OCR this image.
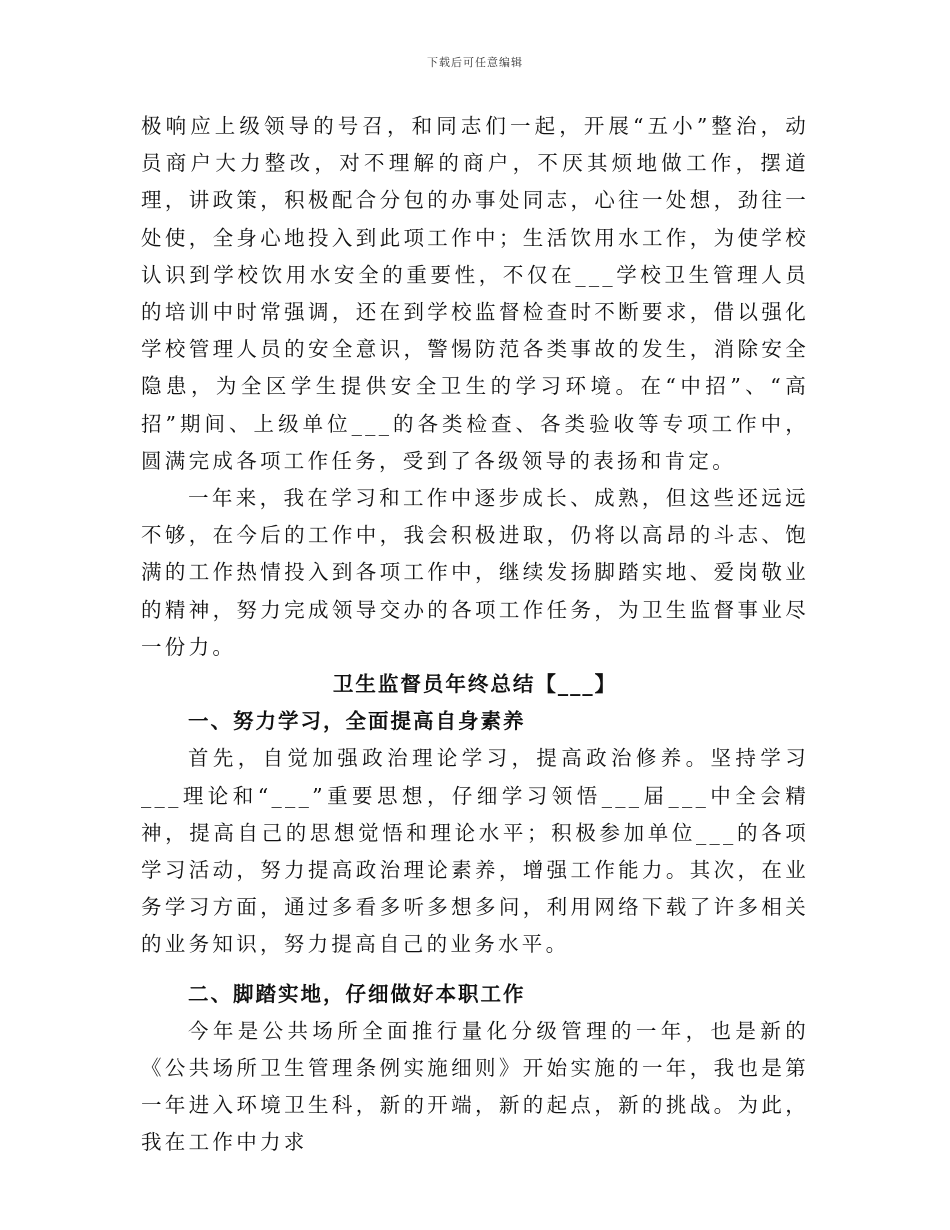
下载后可任意编辑

极响应上级领导的号召，和同志们一起，开展“五小”整治，动员商户大力整改，对不理解的商户，不厌其烦地做工作，摆道理，讲政策，积极配合分包的办事处同志，心往一处想，劲往一处使，全身心地投入到此项工作中；生活饮用水工作，为使学校认识到学校饮用水安全的重要性，不仅在___学校卫生管理人员的培训中时常强调，还在到学校监督检查时不断要求，借以强化学校管理人员的安全意识，警惕防范各类事故的发生，消除安全隐患，为全区学生提供安全卫生的学习环境。在“中招”、“高招”期间、上级单位___的各类检查、各类验收等专项工作中，圆满完成各项工作任务，受到了各级领导的表扬和肯定。

一年来，我在学习和工作中逐步成长、成熟，但这些还远远不够，在今后的工作中，我会积极进取，仍将以高昂的斗志、饱满的工作热情投入到各项工作中，继续发扬脚踏实地、爱岗敬业的精神，努力完成领导交办的各项工作任务，为卫生监督事业尽一份力。

卫生监督员年终总结【___】
一、努力学习，全面提高自身素养

首先，自觉加强政治理论学习，提高政治修养。坚持学习___理论和“___”重要思想，仔细学习领悟___届___中全会精神，提高自己的思想觉悟和理论水平；积极参加单位___的各项学习活动，努力提高政治理论素养，增强工作能力。其次，在业务学习方面，通过多看多听多想多问，利用网络下载了许多相关的业务知识，努力提高自己的业务水平。

二、脚踏实地，仔细做好本职工作

今年是公共场所全面推行量化分级管理的一年，也是新的《公共场所卫生管理条例实施细则》开始实施的一年，我也是第一年进入环境卫生科，新的开端，新的起点，新的挑战。为此，我在工作中力求
